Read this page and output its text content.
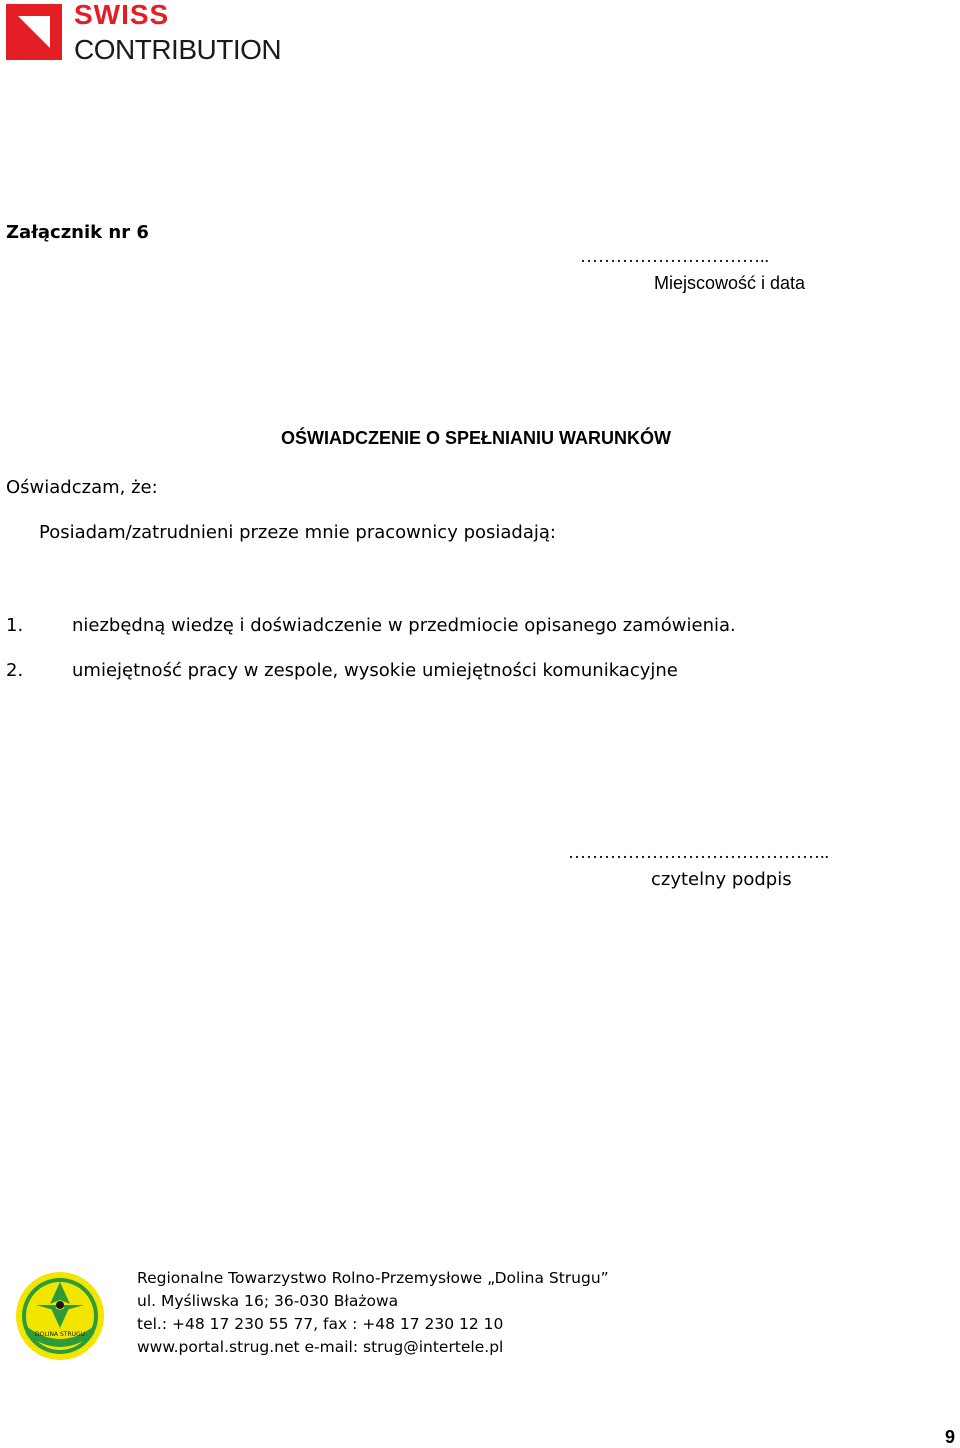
SWISS
CONTRIBUTION
Załącznik nr 6
…………………………..
Miejscowość i data
OŚWIADCZENIE O SPEŁNIANIU WARUNKÓW
Oświadczam, że:
Posiadam/zatrudnieni przeze mnie pracownicy posiadają:
1.	niezbędną wiedzę i doświadczenie w przedmiocie opisanego zamówienia.
2.	umiejętność pracy w zespole, wysokie umiejętności komunikacyjne
……………………………………..
czytelny podpis
DOLINA STRUGU
Regionalne Towarzystwo Rolno-Przemysłowe „Dolina Strugu”
ul. Myśliwska 16; 36-030 Błażowa
tel.: +48 17 230 55 77, fax : +48 17 230 12 10
www.portal.strug.net e-mail: strug@intertele.pl
9
